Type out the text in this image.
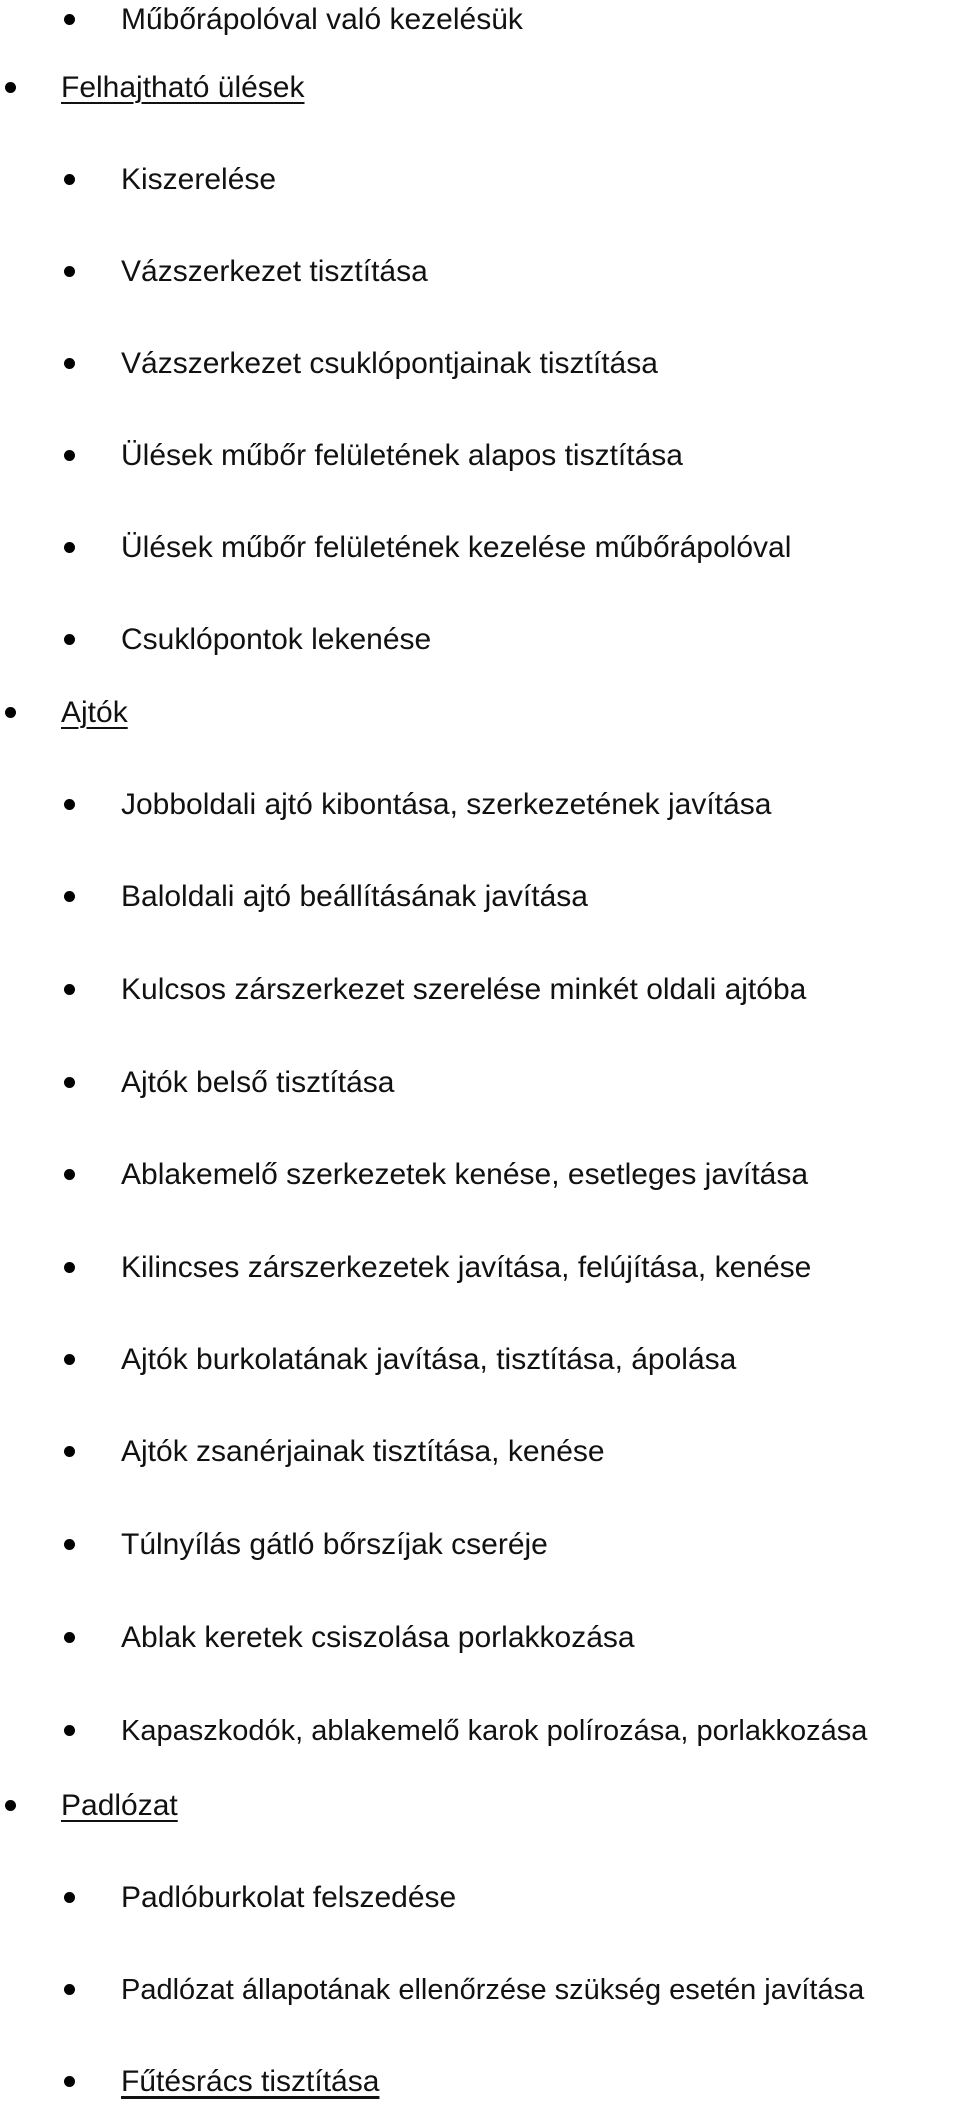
Műbőrápolóval való kezelésük
Felhajtható ülések
Kiszerelése
Vázszerkezet tisztítása
Vázszerkezet csuklópontjainak tisztítása
Ülések műbőr felületének alapos tisztítása
Ülések műbőr felületének kezelése műbőrápolóval
Csuklópontok lekenése
Ajtók
Jobboldali ajtó kibontása, szerkezetének javítása
Baloldali ajtó beállításának javítása
Kulcsos zárszerkezet szerelése minkét oldali ajtóba
Ajtók belső tisztítása
Ablakemelő szerkezetek kenése, esetleges javítása
Kilincses zárszerkezetek javítása, felújítása, kenése
Ajtók burkolatának javítása, tisztítása, ápolása
Ajtók zsanérjainak tisztítása, kenése
Túlnyílás gátló bőrszíjak cseréje
Ablak keretek csiszolása porlakkozása
Kapaszkodók, ablakemelő karok polírozása, porlakkozása
Padlózat
Padlóburkolat felszedése
Padlózat állapotának ellenőrzése szükség esetén javítása
Fűtésrács tisztítása
